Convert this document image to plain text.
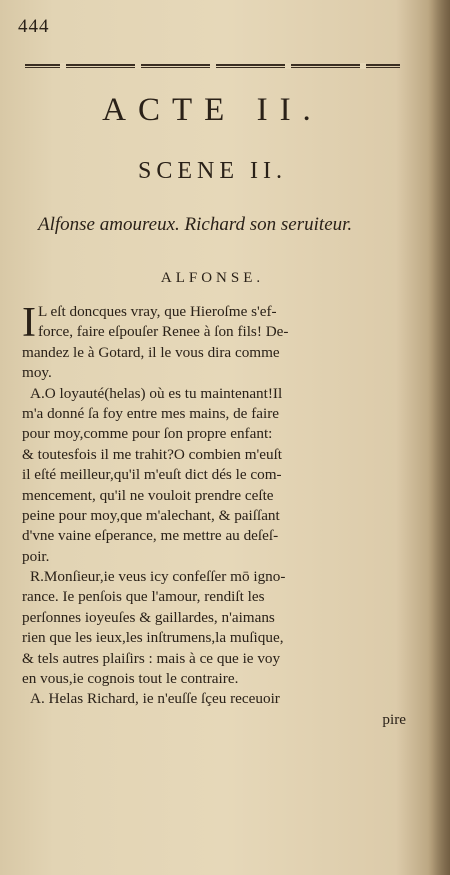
444
ACTE II.
SCENE II.
Alfonse amoureux. Richard son seruiteur.
ALFONSE.
I L eſt doncques vray, que Hieroſme s'ef-
force, faire eſpouſer Renee à ſon fils! De-
mandez le à Gotard, il le vous dira comme
moy.
A.O loyauté(helas) où es tu maintenant!Il
m'a donné ſa foy entre mes mains, de faire
pour moy,comme pour ſon propre enfant:
& toutesfois il me trahit?O combien m'euſt
il eſté meilleur,qu'il m'euſt dict dés le com-
mencement, qu'il ne vouloit prendre ceſte
peine pour moy,que m'alechant, & paiſſant
d'vne vaine eſperance, me mettre au deſeſ-
poir.
R.Monſieur,ie veus icy confeſſer mō igno-
rance. Ie penſois que l'amour, rendiſt les
perſonnes ioyeuſes & gaillardes, n'aimans
rien que les ieux,les inſtrumens,la muſique,
& tels autres plaiſirs : mais à ce que ie voy
en vous,ie cognois tout le contraire.
A. Helas Richard, ie n'euſſe ſçeu receuoir
pire
